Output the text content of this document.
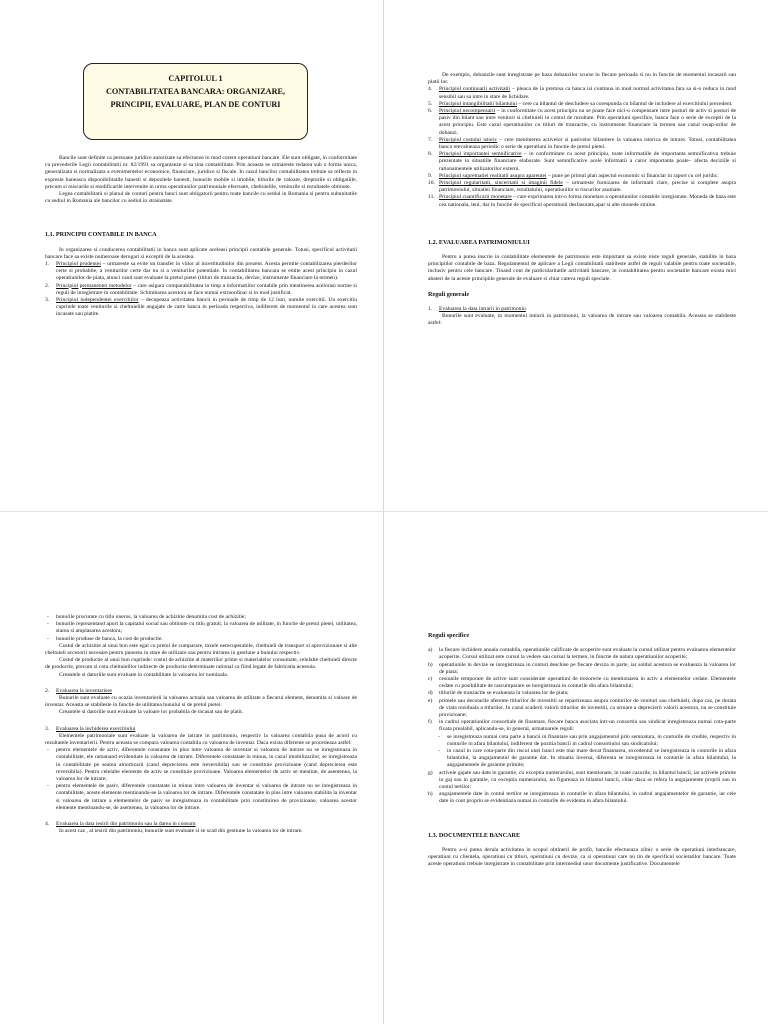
CAPITOLUL 1
CONTABILITATEA BANCARA: ORGANIZARE,
PRINCIPII, EVALUARE, PLAN DE CONTURI

Bancile sunt definite ca persoane juridice autorizate sa efectueze in mod curent operatiuni bancare. Ele sunt obligate, in conformitate cu prevederile Legii contabilitatii nr. 82/1991 sa organizeze si sa tina contabilitate. Prin aceasta se urmareste redarea sub o forma unica, generalizata si normalizata a evenimentelor economice, financiare, juridice si fiscale. In cazul bancilor contabilitatea trebuie sa reflecte in expresie baneasca disponibilitatile banesti si depozitele banesti, bunurile mobile si imobile, titlurile de valoare, drepturile si obligatiile, precum si miscarile si modificarile intervenite in urma operatiunilor patrimoniale efectuate, cheltuielile, veniturile si rezultatele obtinute.

Legea contabilitatii si planul de conturi pentru banci sunt obligatorii pentru toate bancile cu sediul in Romania si pentru subunitatile cu sediul in Romania ale bancilor cu sediul in strainatate.

1.1. PRINCIPII CONTABILE IN BANCA

In organizarea si conducerea contabilitatii in banca sunt aplicate aceleasi principii contabile generale. Totusi, specificul activitatii bancare face sa existe numeroase derogari si exceptii de la acestea.

1. Principiul prudentei – urmareste sa evite un transfer in viitor al incertitudinilor din prezent. Acesta permite contabilizarea pierderilor certe si probabile, a veniturilor certe dar nu si a veniturilor potentiale. In contabilitatea bancara se emite acest principiu in cazul operatiunilor de piata, atunci cand sunt evaluate la pretul pietei (titluri de tranzactie, devize, instrumente financiare la termen).
2. Principiul permanentei metodelor – care asigura comparabilitatea in timp a informatiilor contabile prin mentinerea acelorasi norme si reguli de inregistrare in contabilitate. Schimbarea acestora se face numai extraordinar si in mod justificat.
3. Principiul independentei exercitiilor – decupeaza activitatea bancii in perioade de timp de 12 luni, numite exercitii. Un exercitiu cuprinde toate veniturile si cheltuielile angajate de catre banca in perioada respectiva, indiferent de momentul in care acestea sunt incasate sau platite.

De exemplu, dobanzile sunt inregistrate pe baza dobanzilor scurse in fiecare perioada si nu in functie de momentul incasarii sau platii lor.

4. Principiul continuarii activitatii – pleaca de la premisa ca banca isi continua in mod normal activitatea fara sa si-o reduca in mod sensibil sau sa intre in stare de lichidare.
5. Principiul intangibilitatii bilantului – cere ca bilantul de deschidere sa corespunda cu bilantul de inchidere al exercitiului precedent.
6. Principiul necompensarii – in conformitate cu acest principiu nu se poate face nici-o compensare intre posturi de activ si posturi de pasiv din bilant sau intre venituri si cheltuieli in contul de rezultate. Prin operatiuni specifice, banca face o serie de exceptii de la acest principiu. Este cazul operatiunilor cu titluri de tranzactie, cu instrumente financiare la termen sau cazul swap-urilor de dobanzi.
7. Principiul costului istoric – cere mentinerea activelor si pasivelor bilantiere la valoarea istorica de intrare. Totusi, contabilitatea banca reevalueaza periodic o serie de operatiuni in functie de pretul pietei.
8. Principiul importantei semnificative – in conformitate cu acest principiu, toate informatiile de importanta semnificativa trebuie prezentate in situatiile financiare elaborate. Sunt semnificative acele informatii a caror importanta poate– afecta deciziile si rationamentele utilizatorilor externi.
9. Principiul suprematiei realitatii asupra aparentei – pune pe primul plan aspectul economic si financiar in raport cu cel juridic.
10. Principiul regularitatii, sinceritatii si imaginii fidele – urmareste furnizarea de informatii clare, precise si complete asupra patrimoniului, situatiei financiare, rezultatului, operatiunilor si riscurilor asumate.
11. Principiul cuantificarii monetare – care exprimarea intr-o forma monetare a operatiunilor contabile inregistrate. Moneda de baza este cea nationala, leul, dar in functie de specificul operatiunii desfasurate,apar si alte monede straine.
1.2. EVALUAREA PATRIMONIULUI

Pentru a putea inscrie in contabilitate elementele de patrimoniu este important sa existe niste reguli generale, stabilite in baza principiilor contabile de baza. Regulamentul de aplicare a Legii contabilitatii stabileste astfel de reguli valabile pentru toate societatile, inclusiv pentru cele bancare. Tinand cont de particularitatile activitatii bancare, in contabilitatea pentru societatile bancare exista mici abateri de la aceste principiile generale de evaluare si chiar cateva reguli speciale.

Reguli generale
1. Evaluarea la data intrarii in patrimoniu

Bunurile sunt evaluate, in momentul intrarii in patrimoniu, la valoarea de intrare sau valoarea contabila. Aceasta se stabileste astfel:

- bunurile procurate cu titlu oneros, la valoarea de achizitie denumita cost de achizitie;
- bunurile reprezentand aport la capitalul social sau obtinute cu titlu gratuit, la valoarea de utilitate, in functie de pretul pietei, utilitatea, starea si amplasarea acestora;
- bunurile produse de banca, la cost de productie.

Costul de achizitie al unui bun este egal cu pretul de cumparare, taxele nerecuperabile, cheltuieli de transport si aprovizionare si alte cheltuieli accesorii necesare pentru punerea in stare de utilizare sau pentru intrarea in gestiune a bunului respectiv.

Costul de productie al unui bun cuprinde: costul de achizitie al materiilor prime si materialelor consumate, celelalte cheltuieli directe de productie, precum si cota cheltuielilor indirecte de productie determinate rational ca fiind legate de fabricatia acestuia.

Creantele si datoriile sunt evaluate in contabilitate la valoarea lor nominala.

2. Evaluarea la inventariere

Bunurile sunt evaluate cu ocazia inventarierii la valoarea actuala sau valoarea de utilitate a fiecarui element, denumita si valoare de inventar. Aceasta se stabileste in functie de utilitatea bunului si de pretul pietei.

Creantele si datoriile sunt evaluate la valoare lor probabila de incasat sau de platit.

3. Evaluarea la inchiderea exercitiului

Elementele patrimoniale sunt evaluate la valoarea de intrare in patrimoniu, respectiv la valoarea contabila pusa de acord cu rezultatele inventarierii. Pentru aceasta se compara valoarea contabila cu valoarea de inventar. Daca exista diferente se procedeaza astfel:

- pentru elementele de activ, diferentele constatate in plus intre valoarea de inventar si valoarea de intrare nu se inregistreaza in contabilitate, ele ramanand evidentiate la valoarea de intrare. Diferentele constatate in minus, in cazul imobilizarilor, se inregistreaza in contabilitate pe seama amortizarii (cand deprecierea este ireversibila) sau se constituie provizioane (cand deprecierea este reversibila). Pentru celelalte elemente de activ se constituie provizioane. Valoarea elementelor de activ se mentine, de asemenea, la valoarea lor de intrare;
- pentru elementele de pasiv, diferentele constatate in minus intre valoarea de inventar si valoarea de intrare nu se inregistreaza in contabilitate, aceste elemente mentinandu-se la valoarea lor de intrare. Diferentele constatate in plus intre valoarea stabilita la inventar si valoarea de intrare a elementelor de pasiv se inregistreaza in contabilitate prin constituirea de provizioane, valoarea acestor elemente mentinandu-se, de asemenea, la valoarea lor de intrare.
4. Evaluarea la data iesirii din patrimoniu sau la darea in consum

In acest caz , al iesirii din patrimoniu, bunurile sunt evaluate si se scad din gestiune la valoarea lor de intrare.

Reguli specifice
a) la fiecare inchidere anuala contabila, operatiunile calificate de acoperire sunt evaluate la cursul utilizat pentru evaluarea elementelor acoperite. Cursul utilizat este cursul la vedere sau cursul la termen, in functie de natura operatiunilor acoperite;
b) operatiunile in devize se inregistreaza in conturi deschise pe fiecare deviza in parte, iar soldul acestora se evalueaza la valoarea lor de piata;
c) cesiunile temporare de active sunt considerate operatiuni de trezorerie cu mentionarea in activ a elementelor cedate. Elementele cedate cu posibilitate de rascumparare se inregistreaza in conturile din afara bilantului;
d) titlurile de tranzactie se evalueaza la valoarea lor de piata;
e) primele sau decotarile aferente titlurilor de investitii se repartizeaza asupra conturilor de venituri sau cheltuieli, dupa caz, pe durata de viata reziduala a titlurilor. In cazul scaderii valorii titlurilor de investitii, ca urmare a deprecierii valorii acestora, nu se constituie provizioane;
f) in cadrul operatiunilor consortiale de finantare, fiecare banca asociata intr-un consortiu sau sindicat inregistreaza numai cota-parte fixata prealabil, aplicandu-se, in general, urmatoarele reguli:
- se inregistreaza numai cota parte a bancii in finantare sau prin angajamentul prin semnatura, in conturile de credite, respectiv in conturile in afara bilantului, indiferent de pozitia bancii in cadrul consortiului sau sindicatului;
- in cazul in care cota-parte din riscul unei banci este mai mare decat finantarea, excedentul se inregistreaza in conturile in afara bilantului, la angajamentul de garantie dat. In situatia inversa, diferenta se inregistreaza in conturile in afara bilantului, la angajamentele de garantie primite;
g) activele gajate sau date in garantie, cu exceptia numerarului, sunt mentionate, in toate cazurile, in bilantul bancii, iar activele primite in gaj sau in garantie, cu exceptia numerarului, nu figureaza in bilantul bancii, chiar daca se refera la angajamente proprii sau in contul tertilor;
h) angajamentele date in contul tertilor se inregistreaza in conturile in afara bilantului, in cadrul angajamentelor de garantie, iar cele date in cont propriu se evidentiaza numai in conturile de evidenta in afara bilantului.
1.3. DOCUMENTELE BANCARE

Pentru a-si putea derula activitatea in scopul obtinerii de profit, bancile efectueaza zilnic o serie de operatiuni interbancare, operatiuni cu clientela, operatiuni cu titluri, operatiuni cu devize, ca si operatiuni care nu tin de specificul societatilor bancare. Toate aceste operatiuni trebuie inregistrate in contabilitate prin intermediul unor documente justificative. Documentele
